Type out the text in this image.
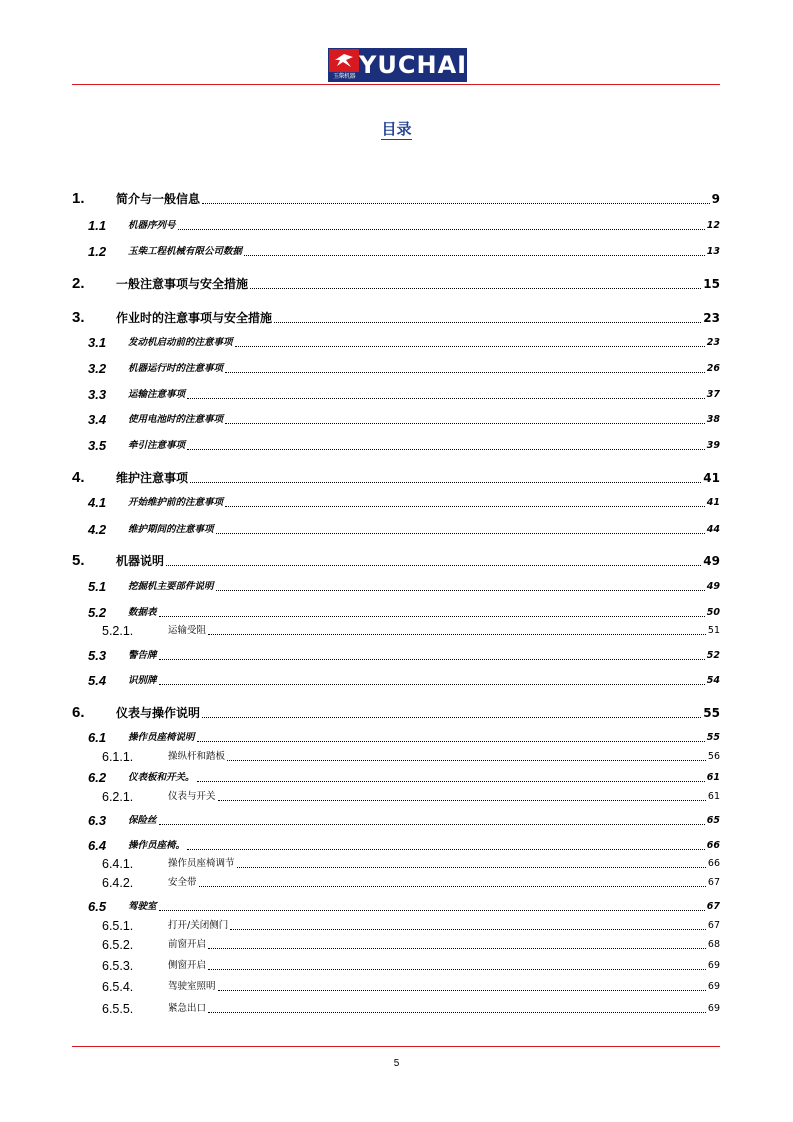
玉柴机器 YUCHAI
目录
1.	简介与一般信息	9
1.1	机器序列号	12
1.2	玉柴工程机械有限公司数据	13
2.	一般注意事项与安全措施	15
3.	作业时的注意事项与安全措施	23
3.1	发动机启动前的注意事项	23
3.2	机器运行时的注意事项	26
3.3	运输注意事项	37
3.4	使用电池时的注意事项	38
3.5	牵引注意事项	39
4.	维护注意事项	41
4.1	开始维护前的注意事项	41
4.2	维护期间的注意事项	44
5.	机器说明	49
5.1	挖掘机主要部件说明	49
5.2	数据表	50
5.2.1.	运输受阻	51
5.3	警告牌	52
5.4	识别牌	54
6.	仪表与操作说明	55
6.1	操作员座椅说明	55
6.1.1.	操纵杆和踏板	56
6.2	仪表板和开关。	61
6.2.1.	仪表与开关	61
6.3	保险丝	65
6.4	操作员座椅。	66
6.4.1.	操作员座椅调节	66
6.4.2.	安全带	67
6.5	驾驶室	67
6.5.1.	打开/关闭侧门	67
6.5.2.	前窗开启	68
6.5.3.	侧窗开启	69
6.5.4.	驾驶室照明	69
6.5.5.	紧急出口	69
5
